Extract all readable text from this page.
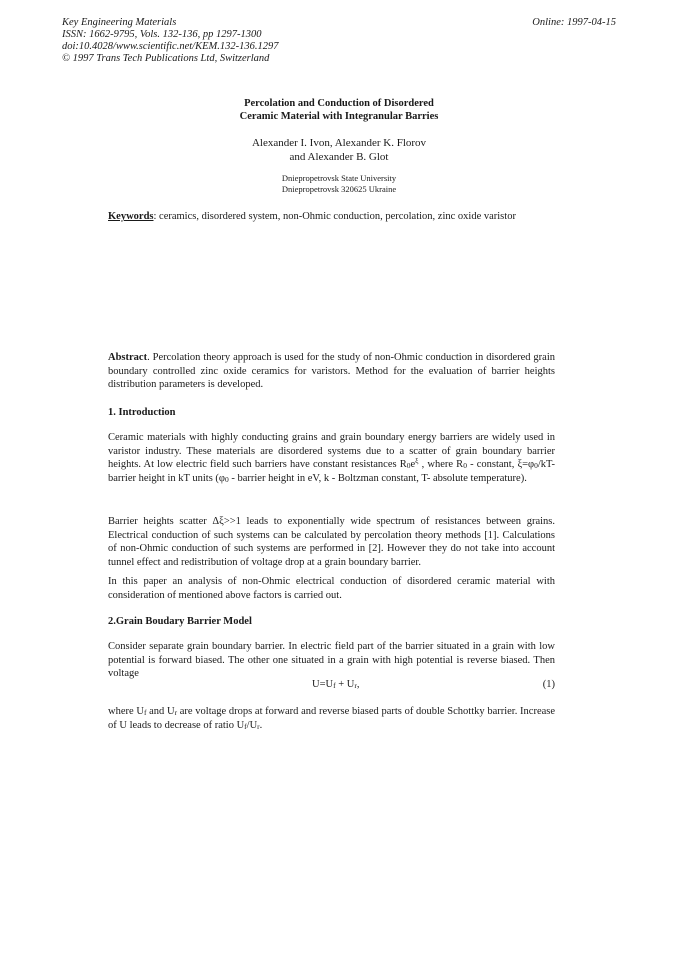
Key Engineering Materials
ISSN: 1662-9795, Vols. 132-136, pp 1297-1300
doi:10.4028/www.scientific.net/KEM.132-136.1297
© 1997 Trans Tech Publications Ltd, Switzerland
Online: 1997-04-15
Percolation and Conduction of Disordered
Ceramic Material with Integranular Barries
Alexander I. Ivon, Alexander K. Florov
and Alexander B. Glot
Dniepropetrovsk State University
Dniepropetrovsk 320625 Ukraine
Keywords: ceramics, disordered system, non-Ohmic conduction, percolation, zinc oxide varistor
Abstract. Percolation theory approach is used for the study of non-Ohmic conduction in disordered grain boundary controlled zinc oxide ceramics for varistors. Method for the evaluation of barrier heights distribution parameters is developed.
1. Introduction
Ceramic materials with highly conducting grains and grain boundary energy barriers are widely used in varistor industry. These materials are disordered systems due to a scatter of grain boundary barrier heights. At low electric field such barriers have constant resistances $R_0e^\xi$ , where $R_0$ - constant, $\xi=\varphi_0/kT$-barrier height in kT units ($\varphi_0$ - barrier height in eV, k - Boltzman constant, T- absolute temperature).
Barrier heights scatter Δξ>>1 leads to exponentially wide spectrum of resistances between grains. Electrical conduction of such systems can be calculated by percolation theory methods [1]. Calculations of non-Ohmic conduction of such systems are performed in [2]. However they do not take into account tunnel effect and redistribution of voltage drop at a grain boundary barrier.
In this paper an analysis of non-Ohmic electrical conduction of disordered ceramic material with consideration of mentioned above factors is carried out.
2.Grain Boudary Barrier Model
Consider separate grain boundary barrier. In electric field part of the barrier situated in a grain with low potential is forward biased. The other one situated in a grain with high potential is reverse biased. Then voltage
$U=U_f + U_r$,	(1)
where $U_f$ and $U_r$ are voltage drops at forward and reverse biased parts of double Schottky barrier. Increase of U leads to decrease of ratio $U_f/U_r$.
